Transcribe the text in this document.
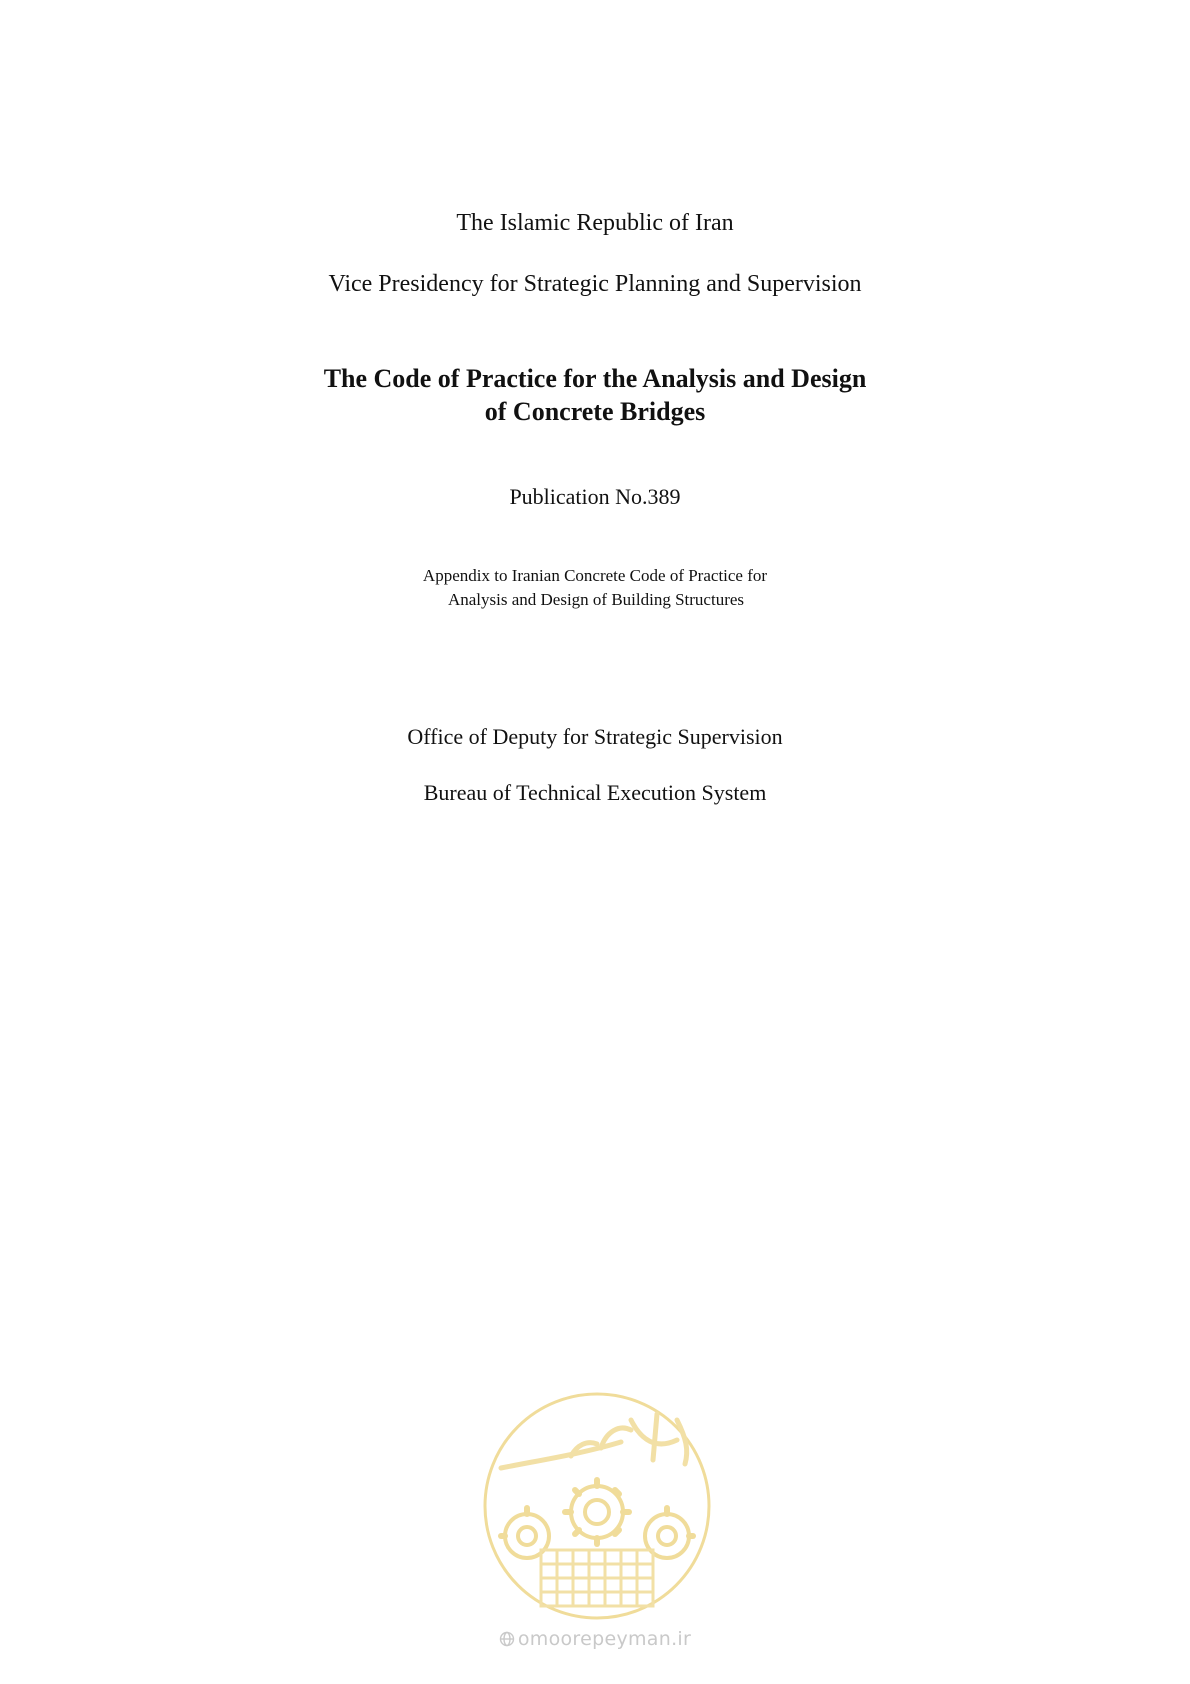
The Islamic Republic of Iran
Vice Presidency for Strategic Planning and Supervision
The Code of Practice for the Analysis and Design
of Concrete Bridges
Publication No.389
Appendix to Iranian Concrete Code of Practice for
Analysis and Design of Building Structures
Office of Deputy for Strategic Supervision
Bureau of Technical Execution System
omoorepeyman.ir
